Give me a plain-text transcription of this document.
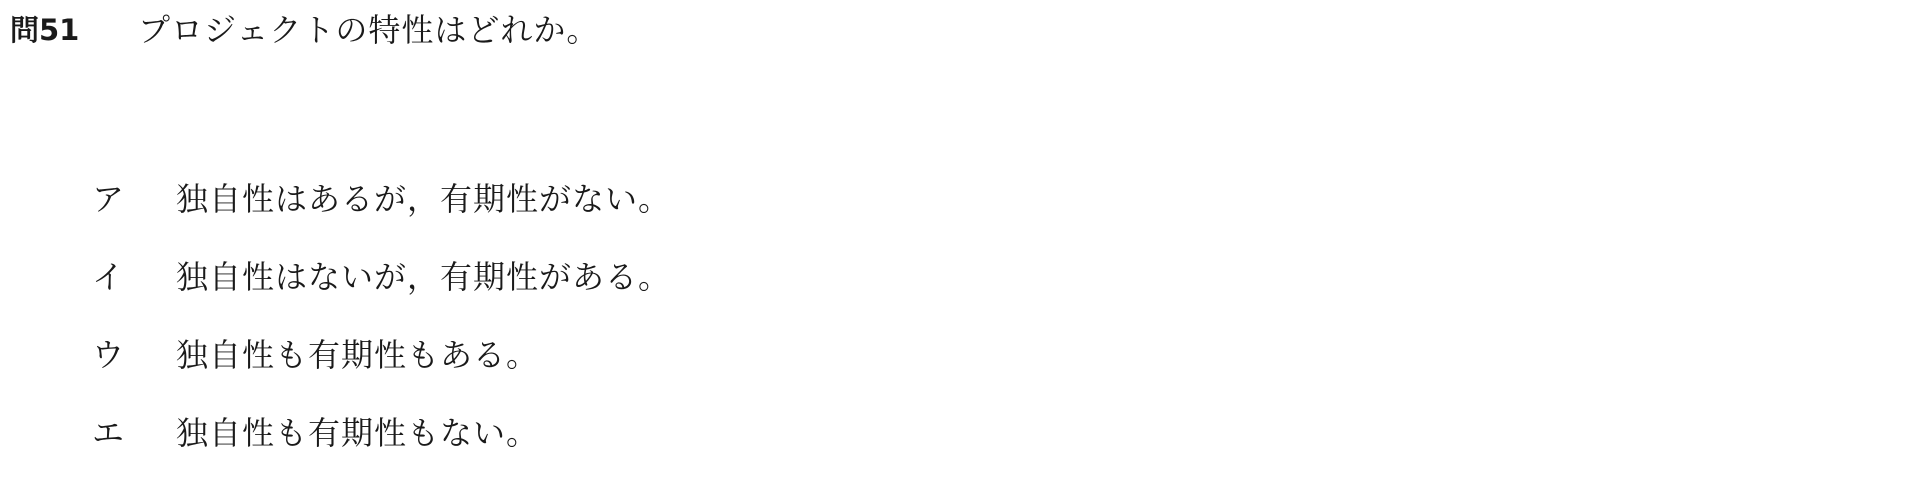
問51	プロジェクトの特性はどれか。
ア	独自性はあるが，有期性がない。
イ	独自性はないが，有期性がある。
ウ	独自性も有期性もある。
エ	独自性も有期性もない。
